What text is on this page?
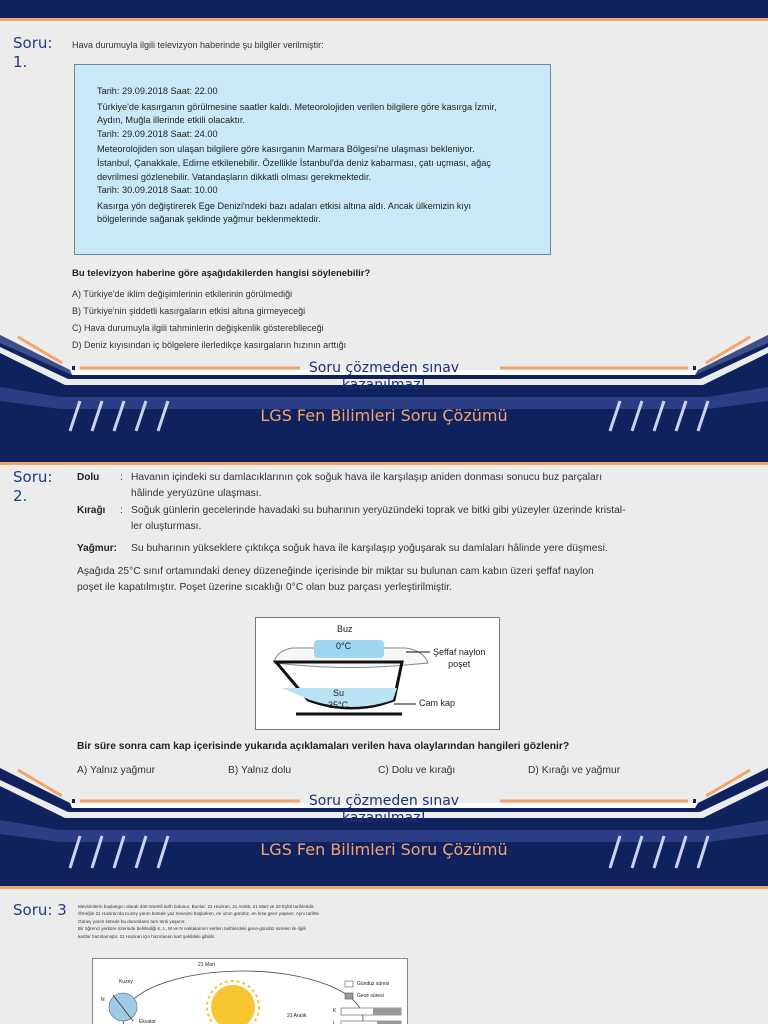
Soru:
1.
Hava durumuyla ilgili televizyon haberinde şu bilgiler verilmiştir:

Tarih: 29.09.2018 Saat: 22.00

Türkiye'de kasırganın görülmesine saatler kaldı. Meteorolojiden verilen bilgilere göre kasırga İzmir,

Aydın, Muğla illerinde etkili olacaktır.

Tarih: 29.09.2018 Saat: 24.00

Meteorolojiden son ulaşan bilgilere göre kasırganın Marmara Bölgesi'ne ulaşması bekleniyor.

İstanbul, Çanakkale, Edirne etkilenebilir. Özellikle İstanbul'da deniz kabarması, çatı uçması, ağaç

devrilmesi gözlenebilir. Vatandaşların dikkatli olması gerekmektedir.

Tarih: 30.09.2018 Saat: 10.00

Kasırga yön değiştirerek Ege Denizi'ndeki bazı adaları etkisi altına aldı. Ancak ülkemizin kıyı

bölgelerinde sağanak şeklinde yağmur beklenmektedir.

Bu televizyon haberine göre aşağıdakilerden hangisi söylenebilir?
A) Türkiye'de iklim değişimlerinin etkilerinin görülmediği
B) Türkiye'nin şiddetli kasırgaların etkisi altına girmeyeceği
C) Hava durumuyla ilgili tahminlerin değişkenlik göstereblleceği
D) Deniz kıyısından iç bölgelere ilerledikçe kasırgaların hızının arttığı
Soru çözmeden sınav
kazanılmaz!
LGS Fen Bilimleri Soru Çözümü
Soru:
2.
Dolu : Havanın içindeki su damlacıklarının çok soğuk hava ile karşılaşıp aniden donması sonucu buz parçaları
hâlinde yeryüzüne ulaşması.
Kırağı : Soğuk günlerin gecelerinde havadaki su buharının yeryüzündeki toprak ve bitki gibi yüzeyler üzerinde kristal-
ler oluşturması.
Yağmur: Su buharının yükseklere çıktıkça soğuk hava ile karşılaşıp yoğuşarak su damlaları hâlinde yere düşmesi.
Aşağıda 25°C sınıf ortamındaki deney düzeneğinde içerisinde bir miktar su bulunan cam kabın üzeri şeffaf naylon
poşet ile kapatılmıştır. Poşet üzerine sıcaklığı 0°C olan buz parçası yerleştirilmiştir.
Buz
0°C
Şeffaf naylon
poşet
Su
35°C	Cam kap
Bir süre sonra cam kap içerisinde yukarıda açıklamaları verilen hava olaylarından hangileri gözlenir?
A) Yalnız yağmur	B) Yalnız dolu	C) Dolu ve kırağı	D) Kırağı ve yağmur
Soru çözmeden sınav
kazanılmaz!
LGS Fen Bilimleri Soru Çözümü
Soru: 3 Mevsimlerin başlangıcı olarak dört önemli tarih bulunur. Bunlar; 21 Haziran, 21 Aralık, 21 Mart ve 23 Eylül tarihleridir.
Örneğin 21 Haziran'da Kuzey yarım kürede yaz mevsimi başlarken, en uzun gündüz, en kısa gece yaşanır. Aynı tarihte
Güney yarım kürede bu durumların tam tersi yaşanır.
Bir öğrenci yerküre üzerinde belirlediği K, L, M ve N noktalarının verilen tarihlerdeki gece-gündüz süreleri ile ilgili
kartlar hazırlamıştır. 21 Haziran için hazırlanan kart şekildeki gibidir.
21 Mart
Kuzey
N
Ekvator
21 Aralık
Gündüz süresi
Gece süresi
K
L
